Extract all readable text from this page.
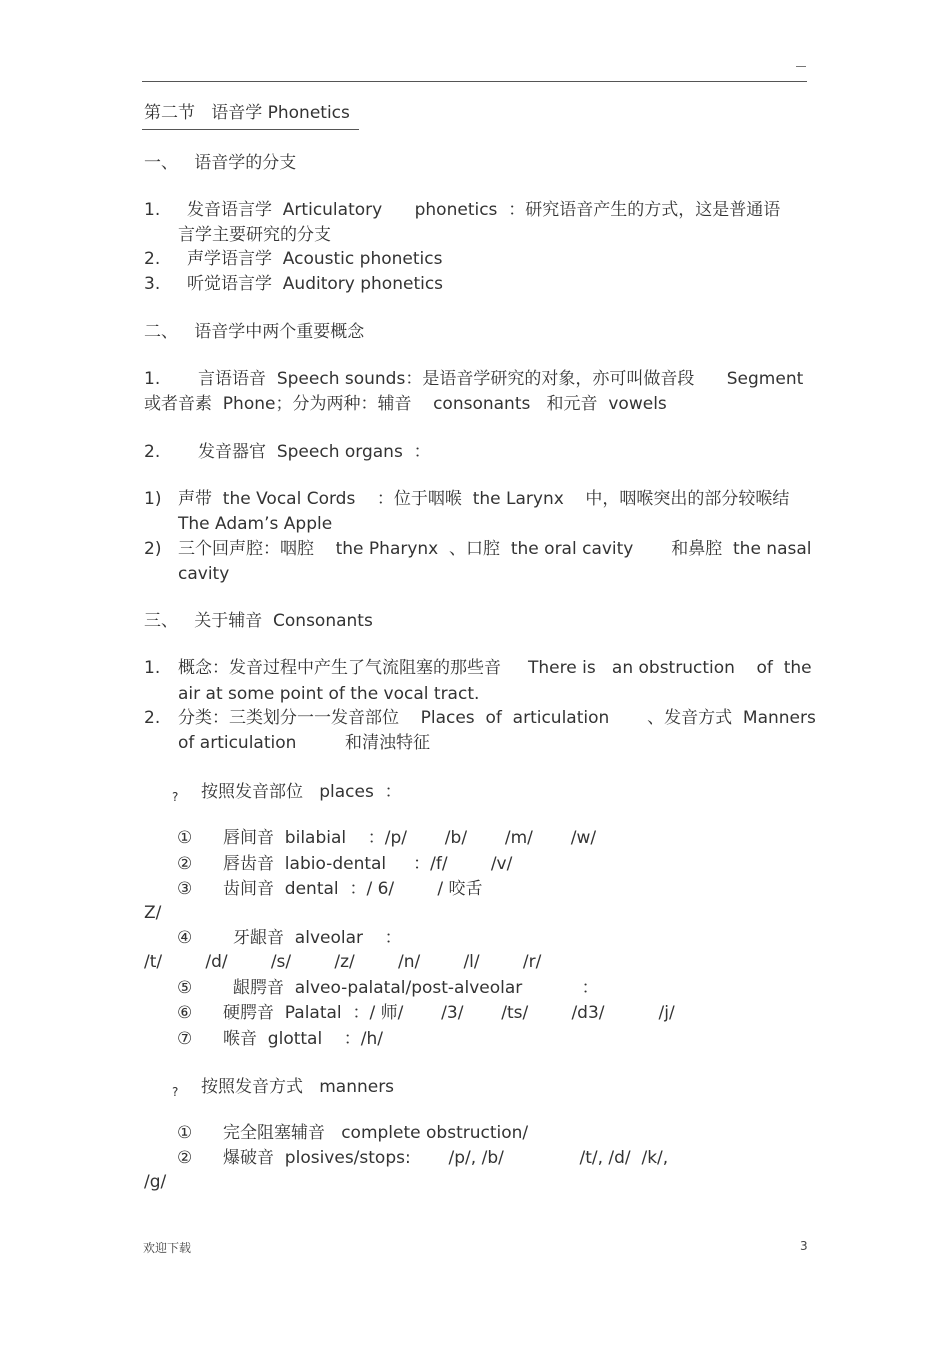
第二节   语音学 Phonetics
一、   语音学的分支
1. 发音语言学  Articulatory      phonetics  ：研究语音产生的方式，这是普通语
言学主要研究的分支
2. 声学语言学  Acoustic phonetics
3. 听觉语言学  Auditory phonetics
二、   语音学中两个重要概念
1.       言语语音  Speech sounds：是语音学研究的对象，亦可叫做音段      Segment
或者音素  Phone；分为两种：辅音    consonants   和元音  vowels
2.       发音器官  Speech organs  ：
1) 声带  the Vocal Cords    ：位于咽喉  the Larynx    中，咽喉突出的部分较喉结
The Adam’s Apple
2) 三个回声腔：咽腔    the Pharynx  、口腔  the oral cavity       和鼻腔  the nasal
cavity
三、   关于辅音  Consonants
1. 概念：发音过程中产生了气流阻塞的那些音     There is   an obstruction    of  the
air at some point of the vocal tract.
2. 分类：三类划分一一发音部位    Places  of  articulation       、发音方式  Manners
of articulation         和清浊特征
? 按照发音部位   places  ：
① 唇间音  bilabial    ：/p/       /b/       /m/       /w/
② 唇齿音  labio-dental     ：/f/        /v/
③ 齿间音  dental  ：/ 6/        / 咬舌
Z/
④ 牙龈音  alveolar    ：
/t/        /d/        /s/        /z/        /n/        /l/        /r/
⑤ 龈腭音  alveo-palatal/post-alveolar           ：
⑥ 硬腭音  Palatal  ：/ 师/       /3/       /ts/        /d3/          /j/
⑦ 喉音  glottal    ：/h/
? 按照发音方式   manners
① 完全阻塞辅音   complete obstruction/
② 爆破音  plosives/stops:       /p/, /b/              /t/, /d/  /k/,
/g/
欢迎下载	3
